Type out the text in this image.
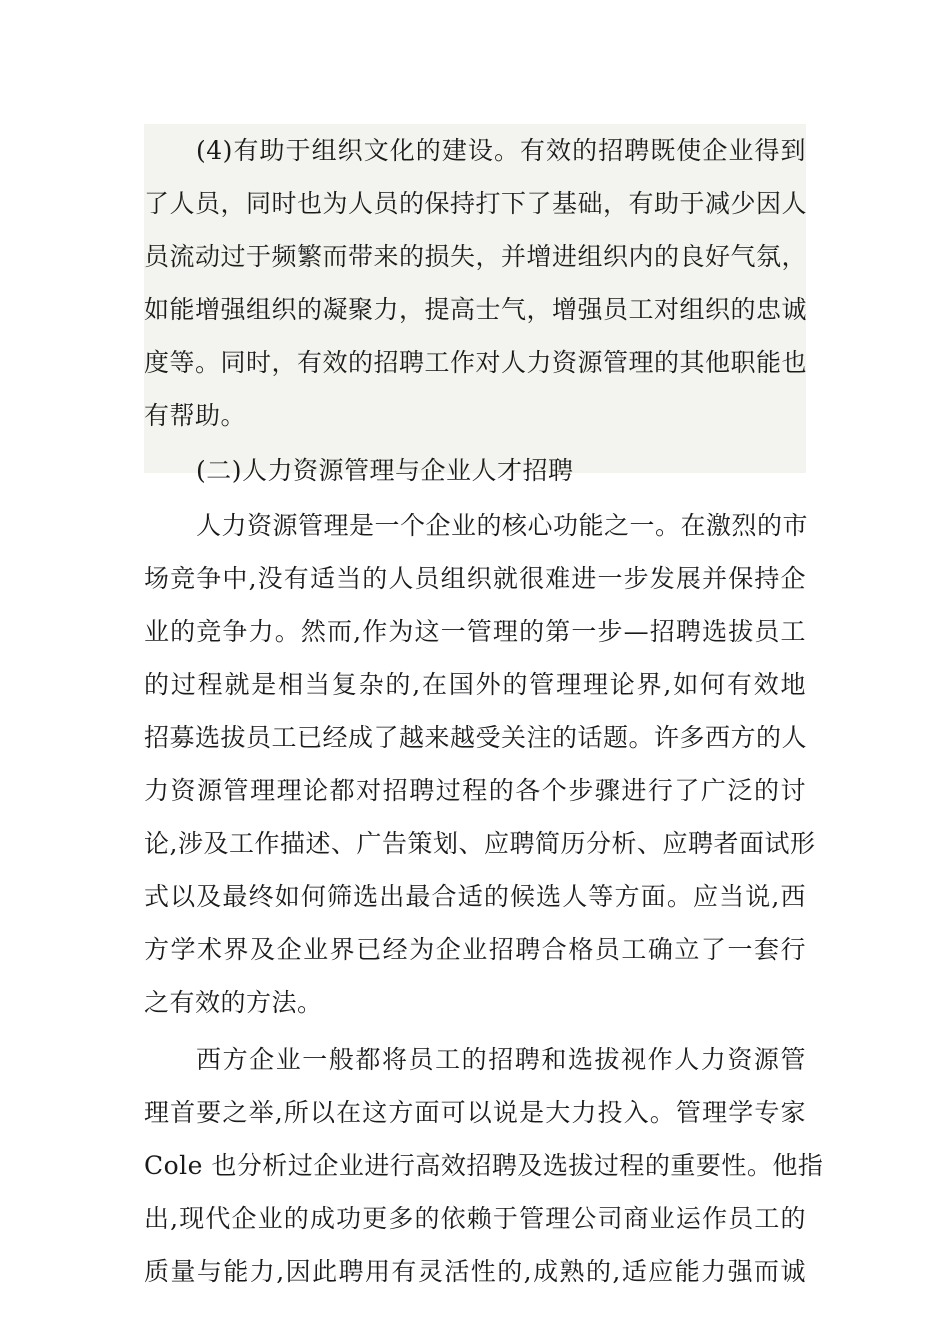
(4)有助于组织文化的建设。有效的招聘既使企业得到
了人员，同时也为人员的保持打下了基础，有助于减少因人
员流动过于频繁而带来的损失，并增进组织内的良好气氛，
如能增强组织的凝聚力，提高士气，增强员工对组织的忠诚
度等。同时，有效的招聘工作对人力资源管理的其他职能也
有帮助。
(二)人力资源管理与企业人才招聘
人力资源管理是一个企业的核心功能之一。在激烈的市
场竞争中,没有适当的人员组织就很难进一步发展并保持企
业的竞争力。然而,作为这一管理的第一步—招聘选拔员工
的过程就是相当复杂的,在国外的管理理论界,如何有效地
招募选拔员工已经成了越来越受关注的话题。许多西方的人
力资源管理理论都对招聘过程的各个步骤进行了广泛的讨
论,涉及工作描述、广告策划、应聘简历分析、应聘者面试形
式以及最终如何筛选出最合适的候选人等方面。应当说,西
方学术界及企业界已经为企业招聘合格员工确立了一套行
之有效的方法。
西方企业一般都将员工的招聘和选拔视作人力资源管
理首要之举,所以在这方面可以说是大力投入。管理学专家
Cole 也分析过企业进行高效招聘及选拔过程的重要性。他指
出,现代企业的成功更多的依赖于管理公司商业运作员工的
质量与能力,因此聘用有灵活性的,成熟的,适应能力强而诚
